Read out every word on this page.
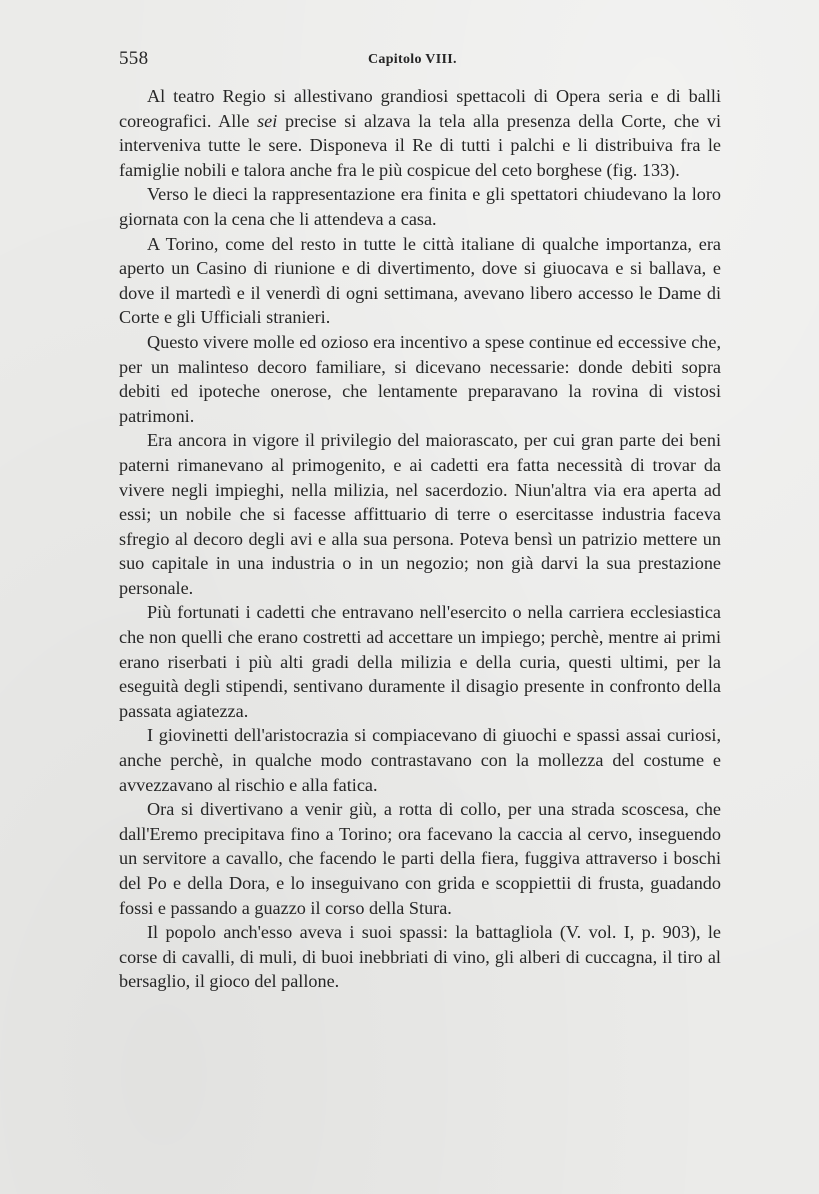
558	Capitolo VIII.

Al teatro Regio si allestivano grandiosi spettacoli di Opera seria e di balli coreografici. Alle sei precise si alzava la tela alla presenza della Corte, che vi interveniva tutte le sere. Disponeva il Re di tutti i palchi e li distribuiva fra le famiglie nobili e talora anche fra le più cospicue del ceto borghese (fig. 133).

Verso le dieci la rappresentazione era finita e gli spettatori chiudevano la loro giornata con la cena che li attendeva a casa.

A Torino, come del resto in tutte le città italiane di qualche importanza, era aperto un Casino di riunione e di divertimento, dove si giuocava e si ballava, e dove il martedì e il venerdì di ogni settimana, avevano libero accesso le Dame di Corte e gli Ufficiali stranieri.

Questo vivere molle ed ozioso era incentivo a spese continue ed eccessive che, per un malinteso decoro familiare, si dicevano necessarie: donde debiti sopra debiti ed ipoteche onerose, che lentamente preparavano la rovina di vistosi patrimoni.

Era ancora in vigore il privilegio del maiorascato, per cui gran parte dei beni paterni rimanevano al primogenito, e ai cadetti era fatta necessità di trovar da vivere negli impieghi, nella milizia, nel sacerdozio. Niun'altra via era aperta ad essi; un nobile che si facesse affittuario di terre o esercitasse industria faceva sfregio al decoro degli avi e alla sua persona. Poteva bensì un patrizio mettere un suo capitale in una industria o in un negozio; non già darvi la sua prestazione personale.

Più fortunati i cadetti che entravano nell'esercito o nella carriera ecclesiastica che non quelli che erano costretti ad accettare un impiego; perchè, mentre ai primi erano riserbati i più alti gradi della milizia e della curia, questi ultimi, per la eseguità degli stipendi, sentivano duramente il disagio presente in confronto della passata agiatezza.

I giovinetti dell'aristocrazia si compiacevano di giuochi e spassi assai curiosi, anche perchè, in qualche modo contrastavano con la mollezza del costume e avvezzavano al rischio e alla fatica.

Ora si divertivano a venir giù, a rotta di collo, per una strada scoscesa, che dall'Eremo precipitava fino a Torino; ora facevano la caccia al cervo, inseguendo un servitore a cavallo, che facendo le parti della fiera, fuggiva attraverso i boschi del Po e della Dora, e lo inseguivano con grida e scoppiettii di frusta, guadando fossi e passando a guazzo il corso della Stura.

Il popolo anch'esso aveva i suoi spassi: la battagliola (V. vol. I, p. 903), le corse di cavalli, di muli, di buoi inebbriati di vino, gli alberi di cuccagna, il tiro al bersaglio, il gioco del pallone.
